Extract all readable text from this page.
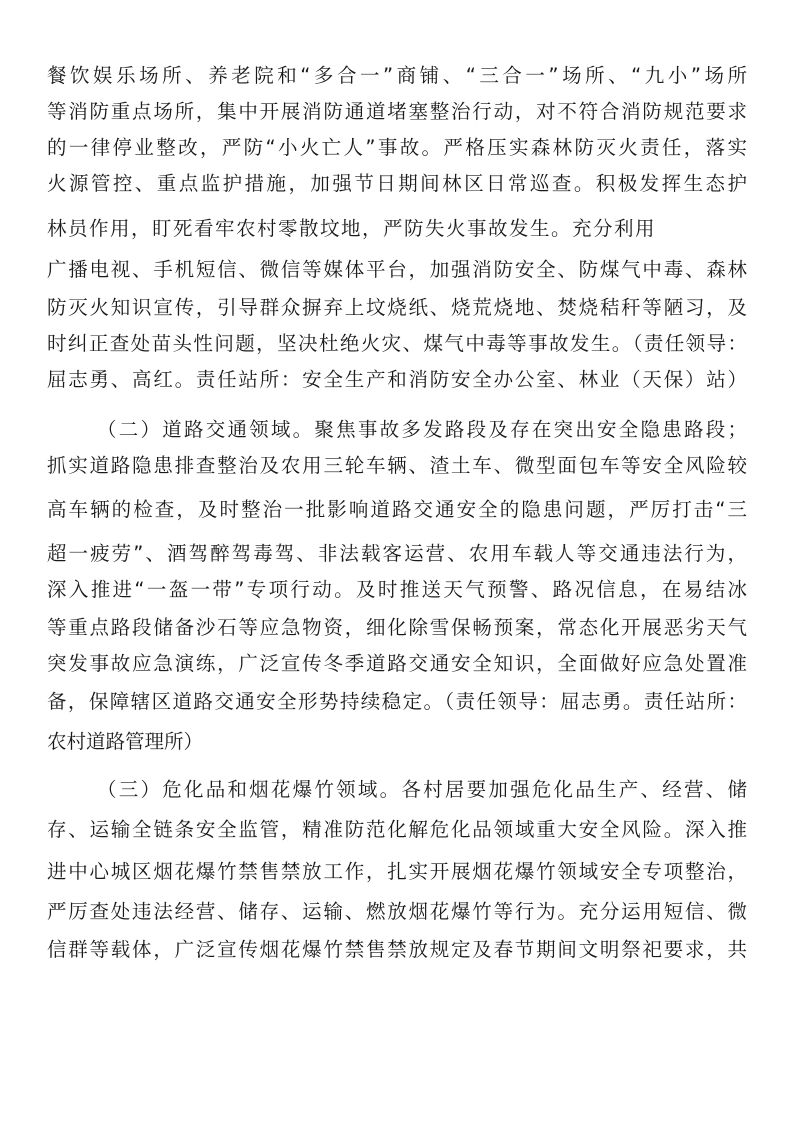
餐饮娱乐场所、养老院和“多合一”商铺、“三合一”场所、“九小”场所
等消防重点场所，集中开展消防通道堵塞整治行动，对不符合消防规范要求
的一律停业整改，严防“小火亡人”事故。严格压实森林防灭火责任，落实
火源管控、重点监护措施，加强节日期间林区日常巡查。积极发挥生态护
林员作用，盯死看牢农村零散坟地，严防失火事故发生。充分利用
广播电视、手机短信、微信等媒体平台，加强消防安全、防煤气中毒、森林
防灭火知识宣传，引导群众摒弃上坟烧纸、烧荒烧地、焚烧秸秆等陋习，及
时纠正查处苗头性问题，坚决杜绝火灾、煤气中毒等事故发生。（责任领导：
屈志勇、高红。责任站所：安全生产和消防安全办公室、林业（天保）站）
（二）道路交通领域。聚焦事故多发路段及存在突出安全隐患路段；
抓实道路隐患排查整治及农用三轮车辆、渣土车、微型面包车等安全风险较
高车辆的检查，及时整治一批影响道路交通安全的隐患问题，严厉打击“三
超一疲劳”、酒驾醉驾毒驾、非法载客运营、农用车载人等交通违法行为，
深入推进“一盔一带”专项行动。及时推送天气预警、路况信息，在易结冰
等重点路段储备沙石等应急物资，细化除雪保畅预案，常态化开展恶劣天气
突发事故应急演练，广泛宣传冬季道路交通安全知识，全面做好应急处置准
备，保障辖区道路交通安全形势持续稳定。（责任领导：屈志勇。责任站所：
农村道路管理所）
（三）危化品和烟花爆竹领域。各村居要加强危化品生产、经营、储
存、运输全链条安全监管，精准防范化解危化品领域重大安全风险。深入推
进中心城区烟花爆竹禁售禁放工作，扎实开展烟花爆竹领域安全专项整治，
严厉查处违法经营、储存、运输、燃放烟花爆竹等行为。充分运用短信、微
信群等载体，广泛宣传烟花爆竹禁售禁放规定及春节期间文明祭祀要求，共
